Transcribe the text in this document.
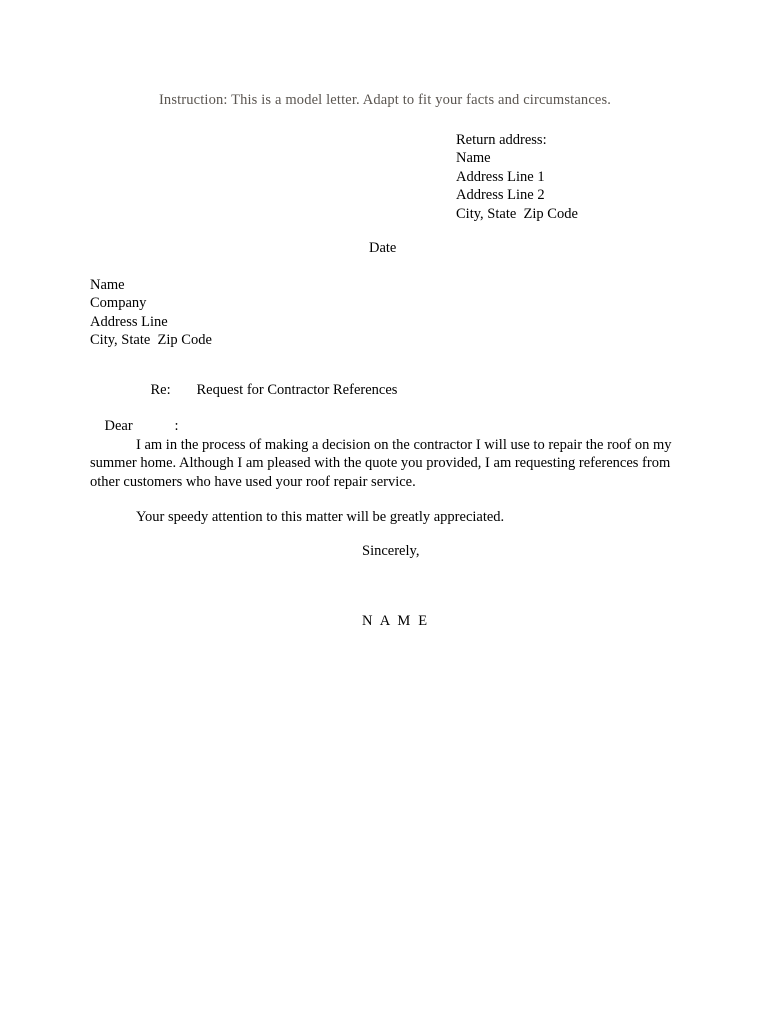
Instruction: This is a model letter. Adapt to fit your facts and circumstances.
Return address:
Name
Address Line 1
Address Line 2
City, State  Zip Code
Date
Name
Company
Address Line
City, State  Zip Code

Re: Request for Contractor References

Dear	:

I am in the process of making a decision on the contractor I will use to repair the roof on my summer home. Although I am pleased with the quote you provided, I am requesting references from other customers who have used your roof repair service.
Your speedy attention to this matter will be greatly appreciated.
Sincerely,
N A M E
